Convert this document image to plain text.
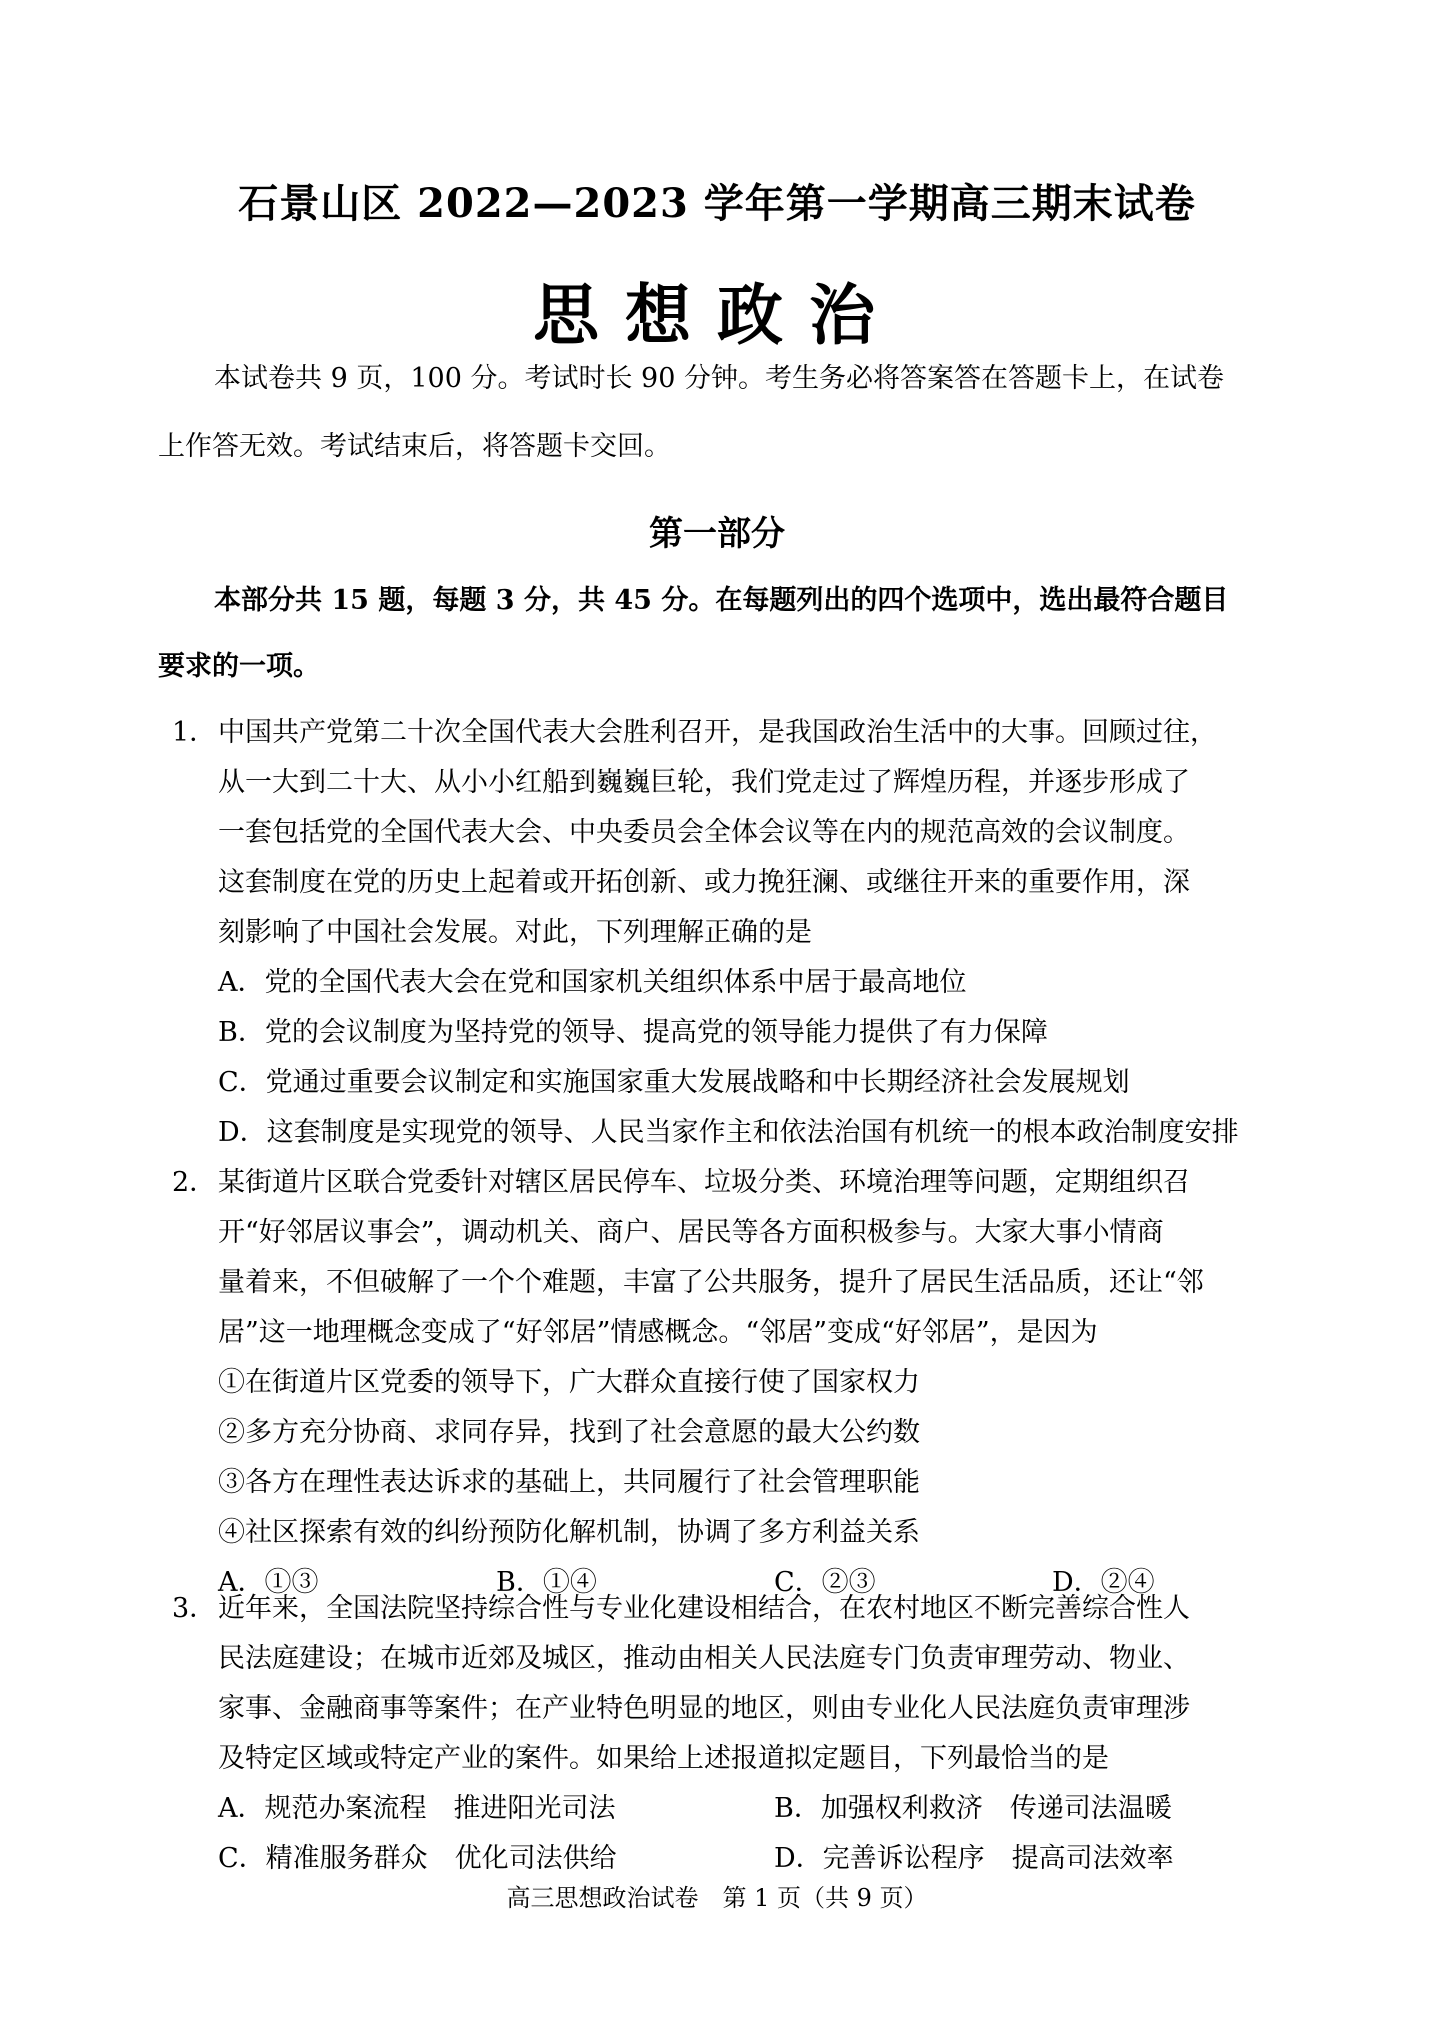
石景山区 2022—2023 学年第一学期高三期末试卷
思想政治
本试卷共 9 页，100 分。考试时长 90 分钟。考生务必将答案答在答题卡上，在试卷
上作答无效。考试结束后，将答题卡交回。
第一部分
本部分共 15 题，每题 3 分，共 45 分。在每题列出的四个选项中，选出最符合题目
要求的一项。
1． 中国共产党第二十次全国代表大会胜利召开，是我国政治生活中的大事。回顾过往，
从一大到二十大、从小小红船到巍巍巨轮，我们党走过了辉煌历程，并逐步形成了
一套包括党的全国代表大会、中央委员会全体会议等在内的规范高效的会议制度。
这套制度在党的历史上起着或开拓创新、或力挽狂澜、或继往开来的重要作用，深
刻影响了中国社会发展。对此，下列理解正确的是
A．党的全国代表大会在党和国家机关组织体系中居于最高地位
B．党的会议制度为坚持党的领导、提高党的领导能力提供了有力保障
C．党通过重要会议制定和实施国家重大发展战略和中长期经济社会发展规划
D．这套制度是实现党的领导、人民当家作主和依法治国有机统一的根本政治制度安排
2． 某街道片区联合党委针对辖区居民停车、垃圾分类、环境治理等问题，定期组织召
开“好邻居议事会”，调动机关、商户、居民等各方面积极参与。大家大事小情商
量着来，不但破解了一个个难题，丰富了公共服务，提升了居民生活品质，还让“邻
居”这一地理概念变成了“好邻居”情感概念。“邻居”变成“好邻居”，是因为
①在街道片区党委的领导下，广大群众直接行使了国家权力
②多方充分协商、求同存异，找到了社会意愿的最大公约数
③各方在理性表达诉求的基础上，共同履行了社会管理职能
④社区探索有效的纠纷预防化解机制，协调了多方利益关系
A．①③	B．①④	C．②③	D．②④
3． 近年来，全国法院坚持综合性与专业化建设相结合，在农村地区不断完善综合性人
民法庭建设；在城市近郊及城区，推动由相关人民法庭专门负责审理劳动、物业、
家事、金融商事等案件；在产业特色明显的地区，则由专业化人民法庭负责审理涉
及特定区域或特定产业的案件。如果给上述报道拟定题目，下列最恰当的是
A．规范办案流程　推进阳光司法	B．加强权利救济　传递司法温暖
C．精准服务群众　优化司法供给	D．完善诉讼程序　提高司法效率
高三思想政治试卷　第 1 页（共 9 页）
